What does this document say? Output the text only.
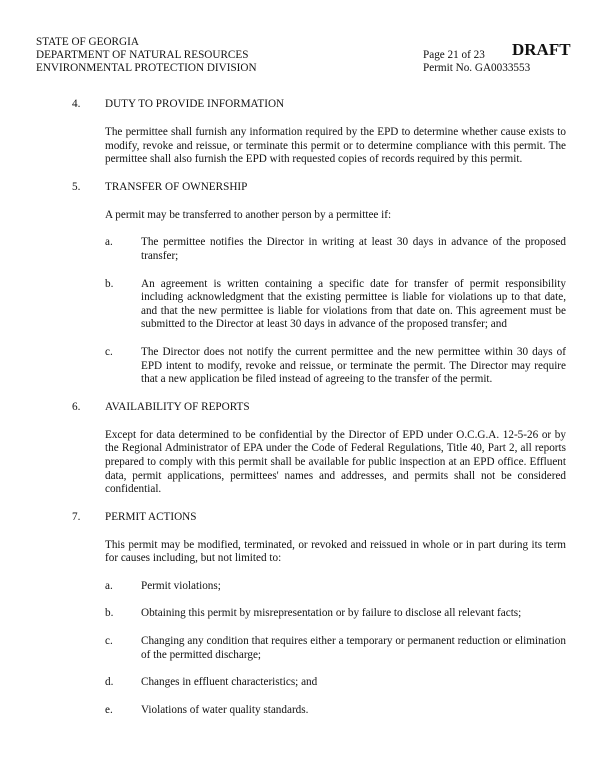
STATE OF GEORGIA
DEPARTMENT OF NATURAL RESOURCES
ENVIRONMENTAL PROTECTION DIVISION
Page 21 of 23
Permit No. GA0033553
DRAFT
4. DUTY TO PROVIDE INFORMATION
The permittee shall furnish any information required by the EPD to determine whether cause exists to modify, revoke and reissue, or terminate this permit or to determine compliance with this permit. The permittee shall also furnish the EPD with requested copies of records required by this permit.
5. TRANSFER OF OWNERSHIP
A permit may be transferred to another person by a permittee if:
a.	The permittee notifies the Director in writing at least 30 days in advance of the proposed transfer;
b. An agreement is written containing a specific date for transfer of permit responsibility including acknowledgment that the existing permittee is liable for violations up to that date, and that the new permittee is liable for violations from that date on. This agreement must be submitted to the Director at least 30 days in advance of the proposed transfer; and
c.	The Director does not notify the current permittee and the new permittee within 30 days of EPD intent to modify, revoke and reissue, or terminate the permit. The Director may require that a new application be filed instead of agreeing to the transfer of the permit.
6. AVAILABILITY OF REPORTS
Except for data determined to be confidential by the Director of EPD under O.C.G.A. 12-5-26 or by the Regional Administrator of EPA under the Code of Federal Regulations, Title 40, Part 2, all reports prepared to comply with this permit shall be available for public inspection at an EPD office. Effluent data, permit applications, permittees' names and addresses, and permits shall not be considered confidential.
7. PERMIT ACTIONS
This permit may be modified, terminated, or revoked and reissued in whole or in part during its term for causes including, but not limited to:
a.	Permit violations;
b. Obtaining this permit by misrepresentation or by failure to disclose all relevant facts;
c.	Changing any condition that requires either a temporary or permanent reduction or elimination of the permitted discharge;
d. Changes in effluent characteristics; and
e.	Violations of water quality standards.
